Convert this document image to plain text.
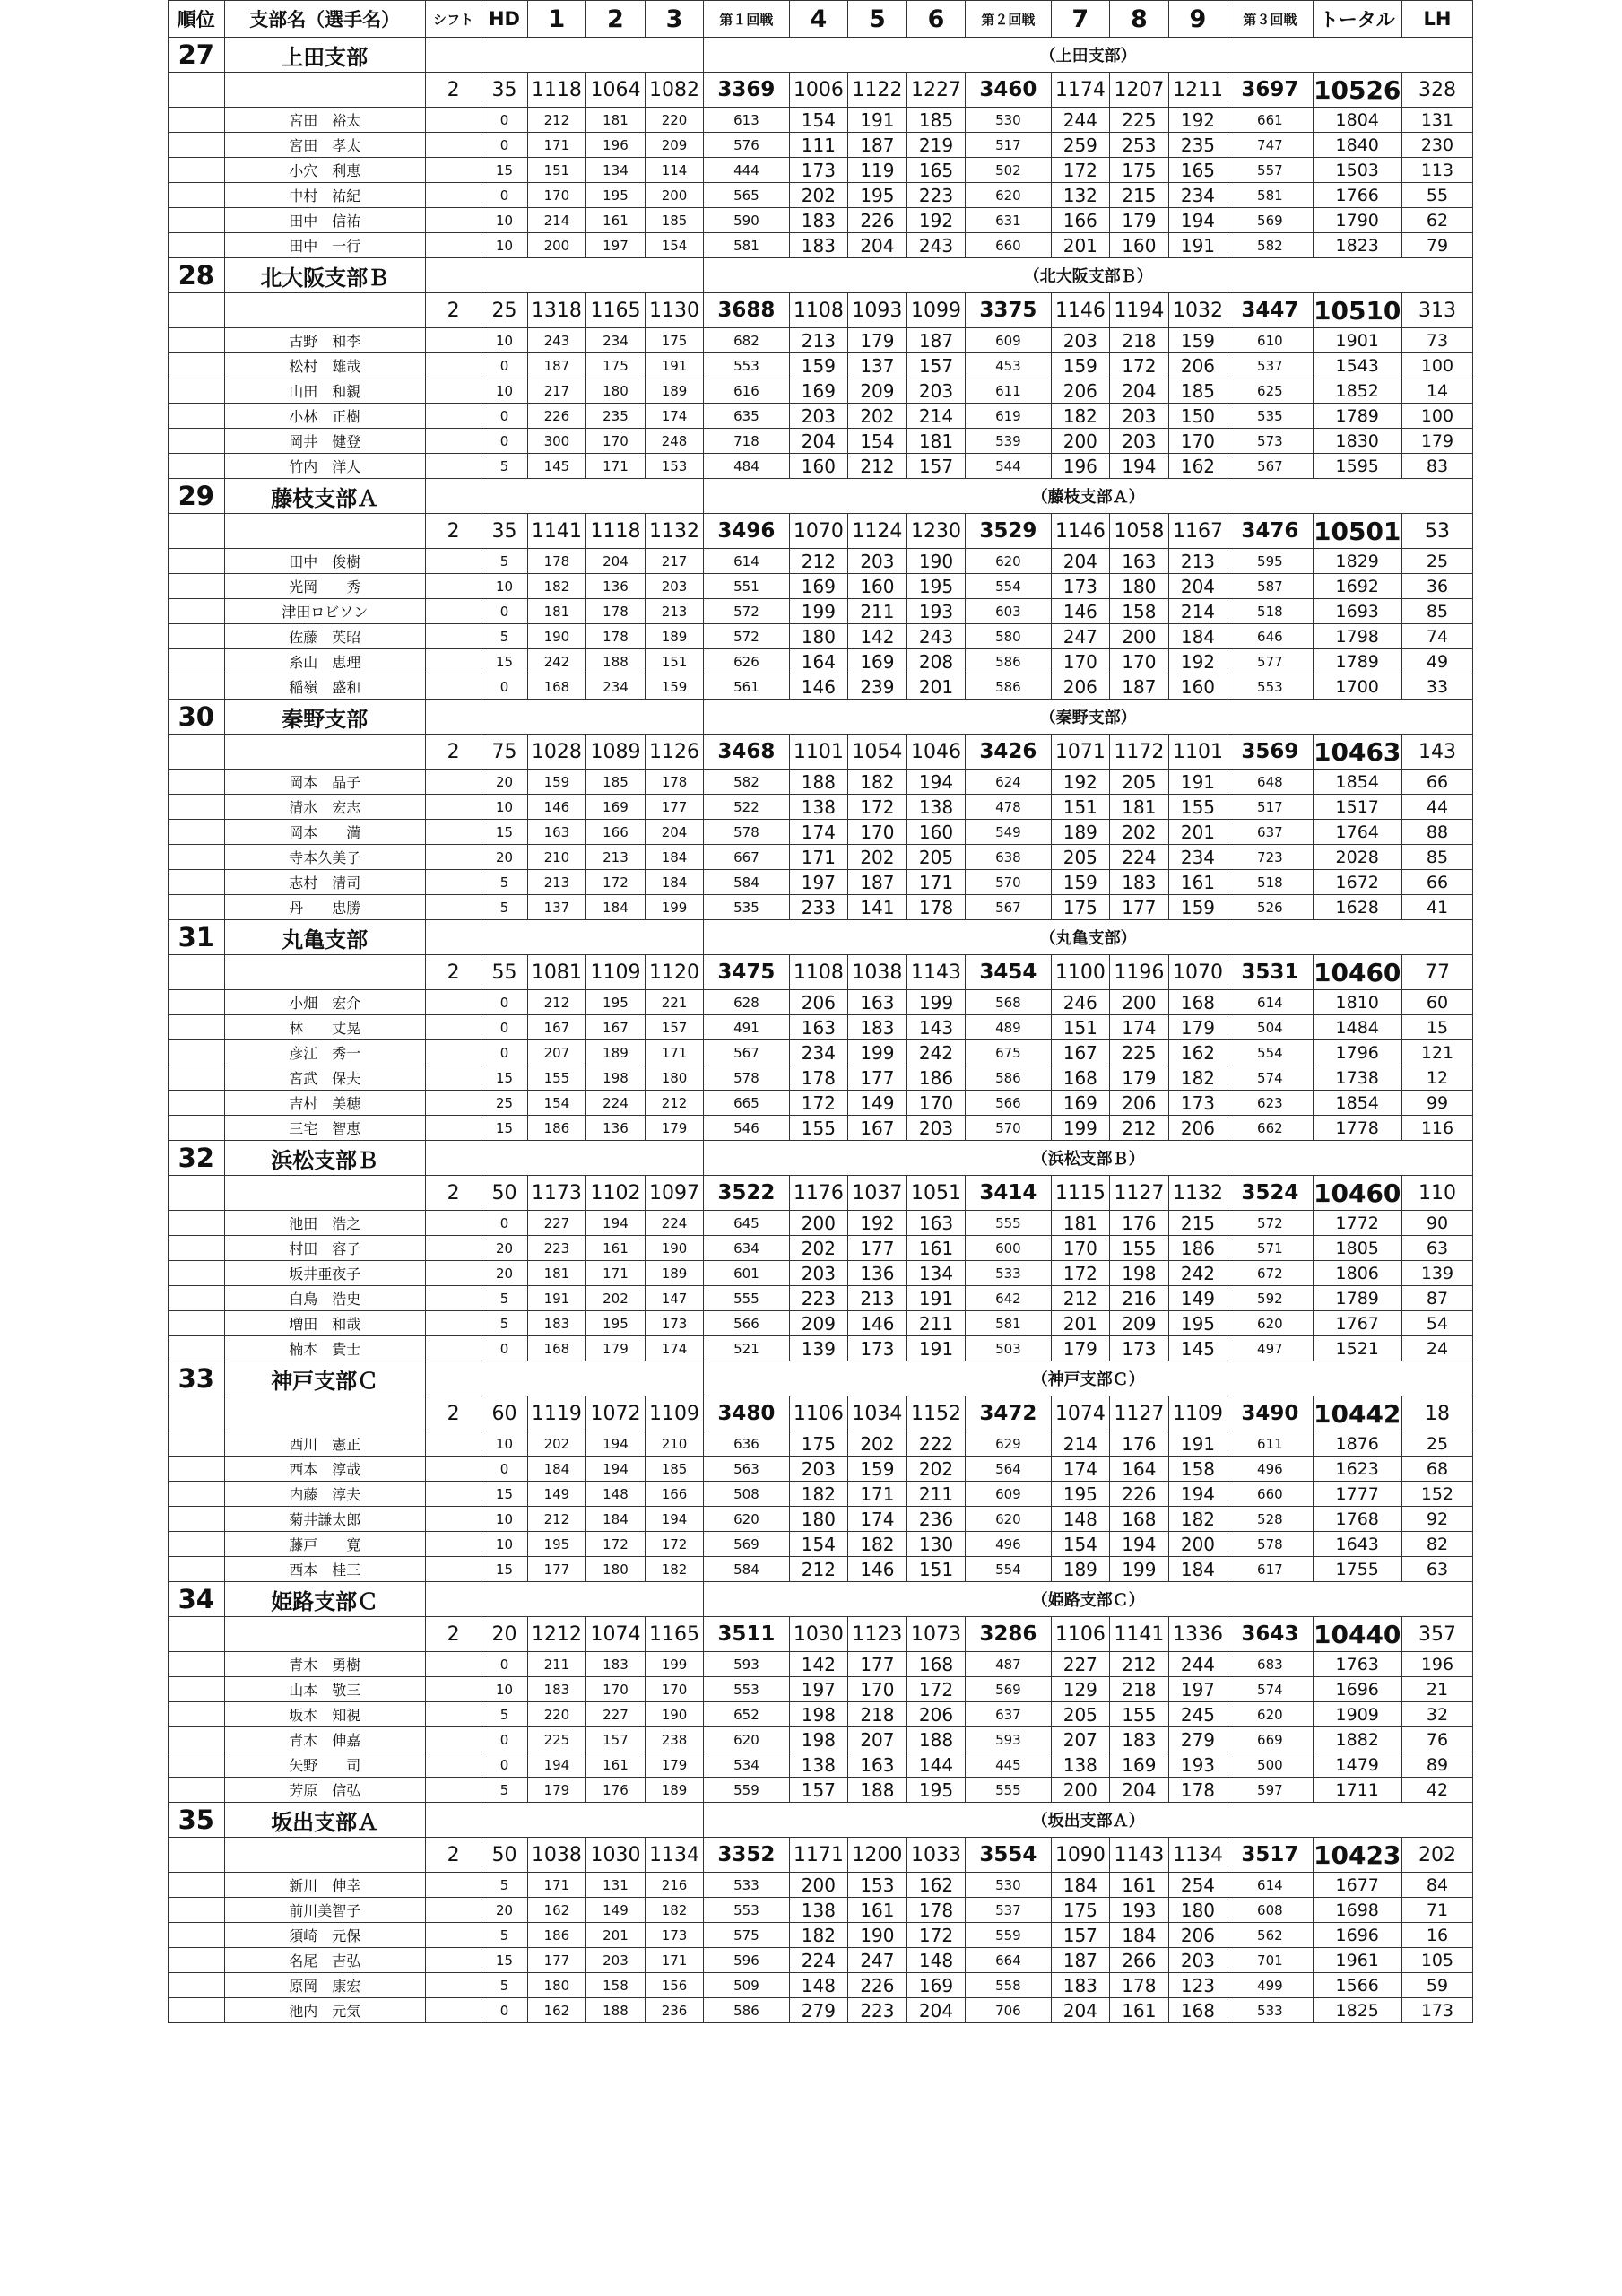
順位	支部名（選手名）	シフト	HD	1	2	3	第１回戦	4	5	6	第２回戦	7	8	9	第３回戦	トータル	LH
27	上田支部						（上田支部）										
		2	35	1118	1064	1082	3369	1006	1122	1227	3460	1174	1207	1211	3697	10526	328
	宮田　裕太		0	212	181	220	613	154	191	185	530	244	225	192	661	1804	131
	宮田　孝太		0	171	196	209	576	111	187	219	517	259	253	235	747	1840	230
	小穴　利恵		15	151	134	114	444	173	119	165	502	172	175	165	557	1503	113
	中村　祐紀		0	170	195	200	565	202	195	223	620	132	215	234	581	1766	55
	田中　信祐		10	214	161	185	590	183	226	192	631	166	179	194	569	1790	62
	田中　一行		10	200	197	154	581	183	204	243	660	201	160	191	582	1823	79
28	北大阪支部Ｂ						（北大阪支部Ｂ）										
		2	25	1318	1165	1130	3688	1108	1093	1099	3375	1146	1194	1032	3447	10510	313
	古野　和李		10	243	234	175	682	213	179	187	609	203	218	159	610	1901	73
	松村　雄哉		0	187	175	191	553	159	137	157	453	159	172	206	537	1543	100
	山田　和親		10	217	180	189	616	169	209	203	611	206	204	185	625	1852	14
	小林　正樹		0	226	235	174	635	203	202	214	619	182	203	150	535	1789	100
	岡井　健登		0	300	170	248	718	204	154	181	539	200	203	170	573	1830	179
	竹内　洋人		5	145	171	153	484	160	212	157	544	196	194	162	567	1595	83
29	藤枝支部Ａ						（藤枝支部Ａ）										
		2	35	1141	1118	1132	3496	1070	1124	1230	3529	1146	1058	1167	3476	10501	53
	田中　俊樹		5	178	204	217	614	212	203	190	620	204	163	213	595	1829	25
	光岡　　秀		10	182	136	203	551	169	160	195	554	173	180	204	587	1692	36
	津田ロビソン		0	181	178	213	572	199	211	193	603	146	158	214	518	1693	85
	佐藤　英昭		5	190	178	189	572	180	142	243	580	247	200	184	646	1798	74
	糸山　恵理		15	242	188	151	626	164	169	208	586	170	170	192	577	1789	49
	稲嶺　盛和		0	168	234	159	561	146	239	201	586	206	187	160	553	1700	33
30	秦野支部						（秦野支部）										
		2	75	1028	1089	1126	3468	1101	1054	1046	3426	1071	1172	1101	3569	10463	143
	岡本　晶子		20	159	185	178	582	188	182	194	624	192	205	191	648	1854	66
	清水　宏志		10	146	169	177	522	138	172	138	478	151	181	155	517	1517	44
	岡本　　満		15	163	166	204	578	174	170	160	549	189	202	201	637	1764	88
	寺本久美子		20	210	213	184	667	171	202	205	638	205	224	234	723	2028	85
	志村　清司		5	213	172	184	584	197	187	171	570	159	183	161	518	1672	66
	丹　　忠勝		5	137	184	199	535	233	141	178	567	175	177	159	526	1628	41
31	丸亀支部						（丸亀支部）										
		2	55	1081	1109	1120	3475	1108	1038	1143	3454	1100	1196	1070	3531	10460	77
	小畑　宏介		0	212	195	221	628	206	163	199	568	246	200	168	614	1810	60
	林　　丈晃		0	167	167	157	491	163	183	143	489	151	174	179	504	1484	15
	彦江　秀一		0	207	189	171	567	234	199	242	675	167	225	162	554	1796	121
	宮武　保夫		15	155	198	180	578	178	177	186	586	168	179	182	574	1738	12
	吉村　美穂		25	154	224	212	665	172	149	170	566	169	206	173	623	1854	99
	三宅　智恵		15	186	136	179	546	155	167	203	570	199	212	206	662	1778	116
32	浜松支部Ｂ						（浜松支部Ｂ）										
		2	50	1173	1102	1097	3522	1176	1037	1051	3414	1115	1127	1132	3524	10460	110
	池田　浩之		0	227	194	224	645	200	192	163	555	181	176	215	572	1772	90
	村田　容子		20	223	161	190	634	202	177	161	600	170	155	186	571	1805	63
	坂井亜夜子		20	181	171	189	601	203	136	134	533	172	198	242	672	1806	139
	白鳥　浩史		5	191	202	147	555	223	213	191	642	212	216	149	592	1789	87
	増田　和哉		5	183	195	173	566	209	146	211	581	201	209	195	620	1767	54
	楠本　貴士		0	168	179	174	521	139	173	191	503	179	173	145	497	1521	24
33	神戸支部Ｃ						（神戸支部Ｃ）										
		2	60	1119	1072	1109	3480	1106	1034	1152	3472	1074	1127	1109	3490	10442	18
	西川　憲正		10	202	194	210	636	175	202	222	629	214	176	191	611	1876	25
	西本　淳哉		0	184	194	185	563	203	159	202	564	174	164	158	496	1623	68
	内藤　淳夫		15	149	148	166	508	182	171	211	609	195	226	194	660	1777	152
	菊井謙太郎		10	212	184	194	620	180	174	236	620	148	168	182	528	1768	92
	藤戸　　寛		10	195	172	172	569	154	182	130	496	154	194	200	578	1643	82
	西本　桂三		15	177	180	182	584	212	146	151	554	189	199	184	617	1755	63
34	姫路支部Ｃ						（姫路支部Ｃ）										
		2	20	1212	1074	1165	3511	1030	1123	1073	3286	1106	1141	1336	3643	10440	357
	青木　勇樹		0	211	183	199	593	142	177	168	487	227	212	244	683	1763	196
	山本　敬三		10	183	170	170	553	197	170	172	569	129	218	197	574	1696	21
	坂本　知視		5	220	227	190	652	198	218	206	637	205	155	245	620	1909	32
	青木　伸嘉		0	225	157	238	620	198	207	188	593	207	183	279	669	1882	76
	矢野　　司		0	194	161	179	534	138	163	144	445	138	169	193	500	1479	89
	芳原　信弘		5	179	176	189	559	157	188	195	555	200	204	178	597	1711	42
35	坂出支部Ａ						（坂出支部Ａ）										
		2	50	1038	1030	1134	3352	1171	1200	1033	3554	1090	1143	1134	3517	10423	202
	新川　伸幸		5	171	131	216	533	200	153	162	530	184	161	254	614	1677	84
	前川美智子		20	162	149	182	553	138	161	178	537	175	193	180	608	1698	71
	須崎　元保		5	186	201	173	575	182	190	172	559	157	184	206	562	1696	16
	名尾　吉弘		15	177	203	171	596	224	247	148	664	187	266	203	701	1961	105
	原岡　康宏		5	180	158	156	509	148	226	169	558	183	178	123	499	1566	59
	池内　元気		0	162	188	236	586	279	223	204	706	204	161	168	533	1825	173
